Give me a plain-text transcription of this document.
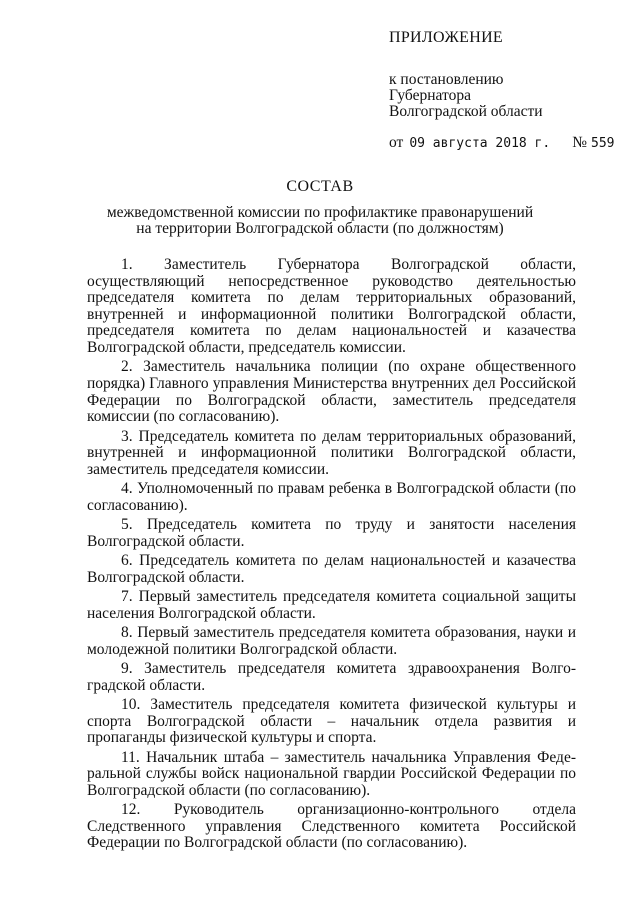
ПРИЛОЖЕНИЕ
к постановлению
Губернатора
Волгоградской области
от 09 августа 2018 г. № 559
СОСТАВ
межведомственной комиссии по профилактике правонарушений
на территории Волгоградской области (по должностям)

1. Заместитель Губернатора Волгоградской области, осуществляющий непосредственное руководство деятельностью председателя комитета по делам территориальных образований, внутренней и информационной политики Волгоградской области, председателя комитета по делам национальностей и казачества Волгоградской области, председатель комиссии.

2. Заместитель начальника полиции (по охране общественного порядка) Главного управления Министерства внутренних дел Российской Федерации по Волгоградской области, заместитель председателя комиссии (по согласованию).

3. Председатель комитета по делам территориальных образований, внутренней и информационной политики Волгоградской области, заместитель председателя комиссии.

4. Уполномоченный по правам ребенка в Волгоградской области (по согласованию).

5. Председатель комитета по труду и занятости населения Волгоградской области.

6. Председатель комитета по делам национальностей и казачества Волгоградской области.

7. Первый заместитель председателя комитета социальной защиты населения Волгоградской области.

8. Первый заместитель председателя комитета образования, науки и молодежной политики Волгоградской области.

9. Заместитель председателя комитета здравоохранения Волгоградской области.

10. Заместитель председателя комитета физической культуры и спорта Волгоградской области – начальник отдела развития и пропаганды физической культуры и спорта.

11. Начальник штаба – заместитель начальника Управления Федеральной службы войск национальной гвардии Российской Федерации по Волгоградской области (по согласованию).

12. Руководитель организационно-контрольного отдела Следственного управления Следственного комитета Российской Федерации по Волгоградской области (по согласованию).
